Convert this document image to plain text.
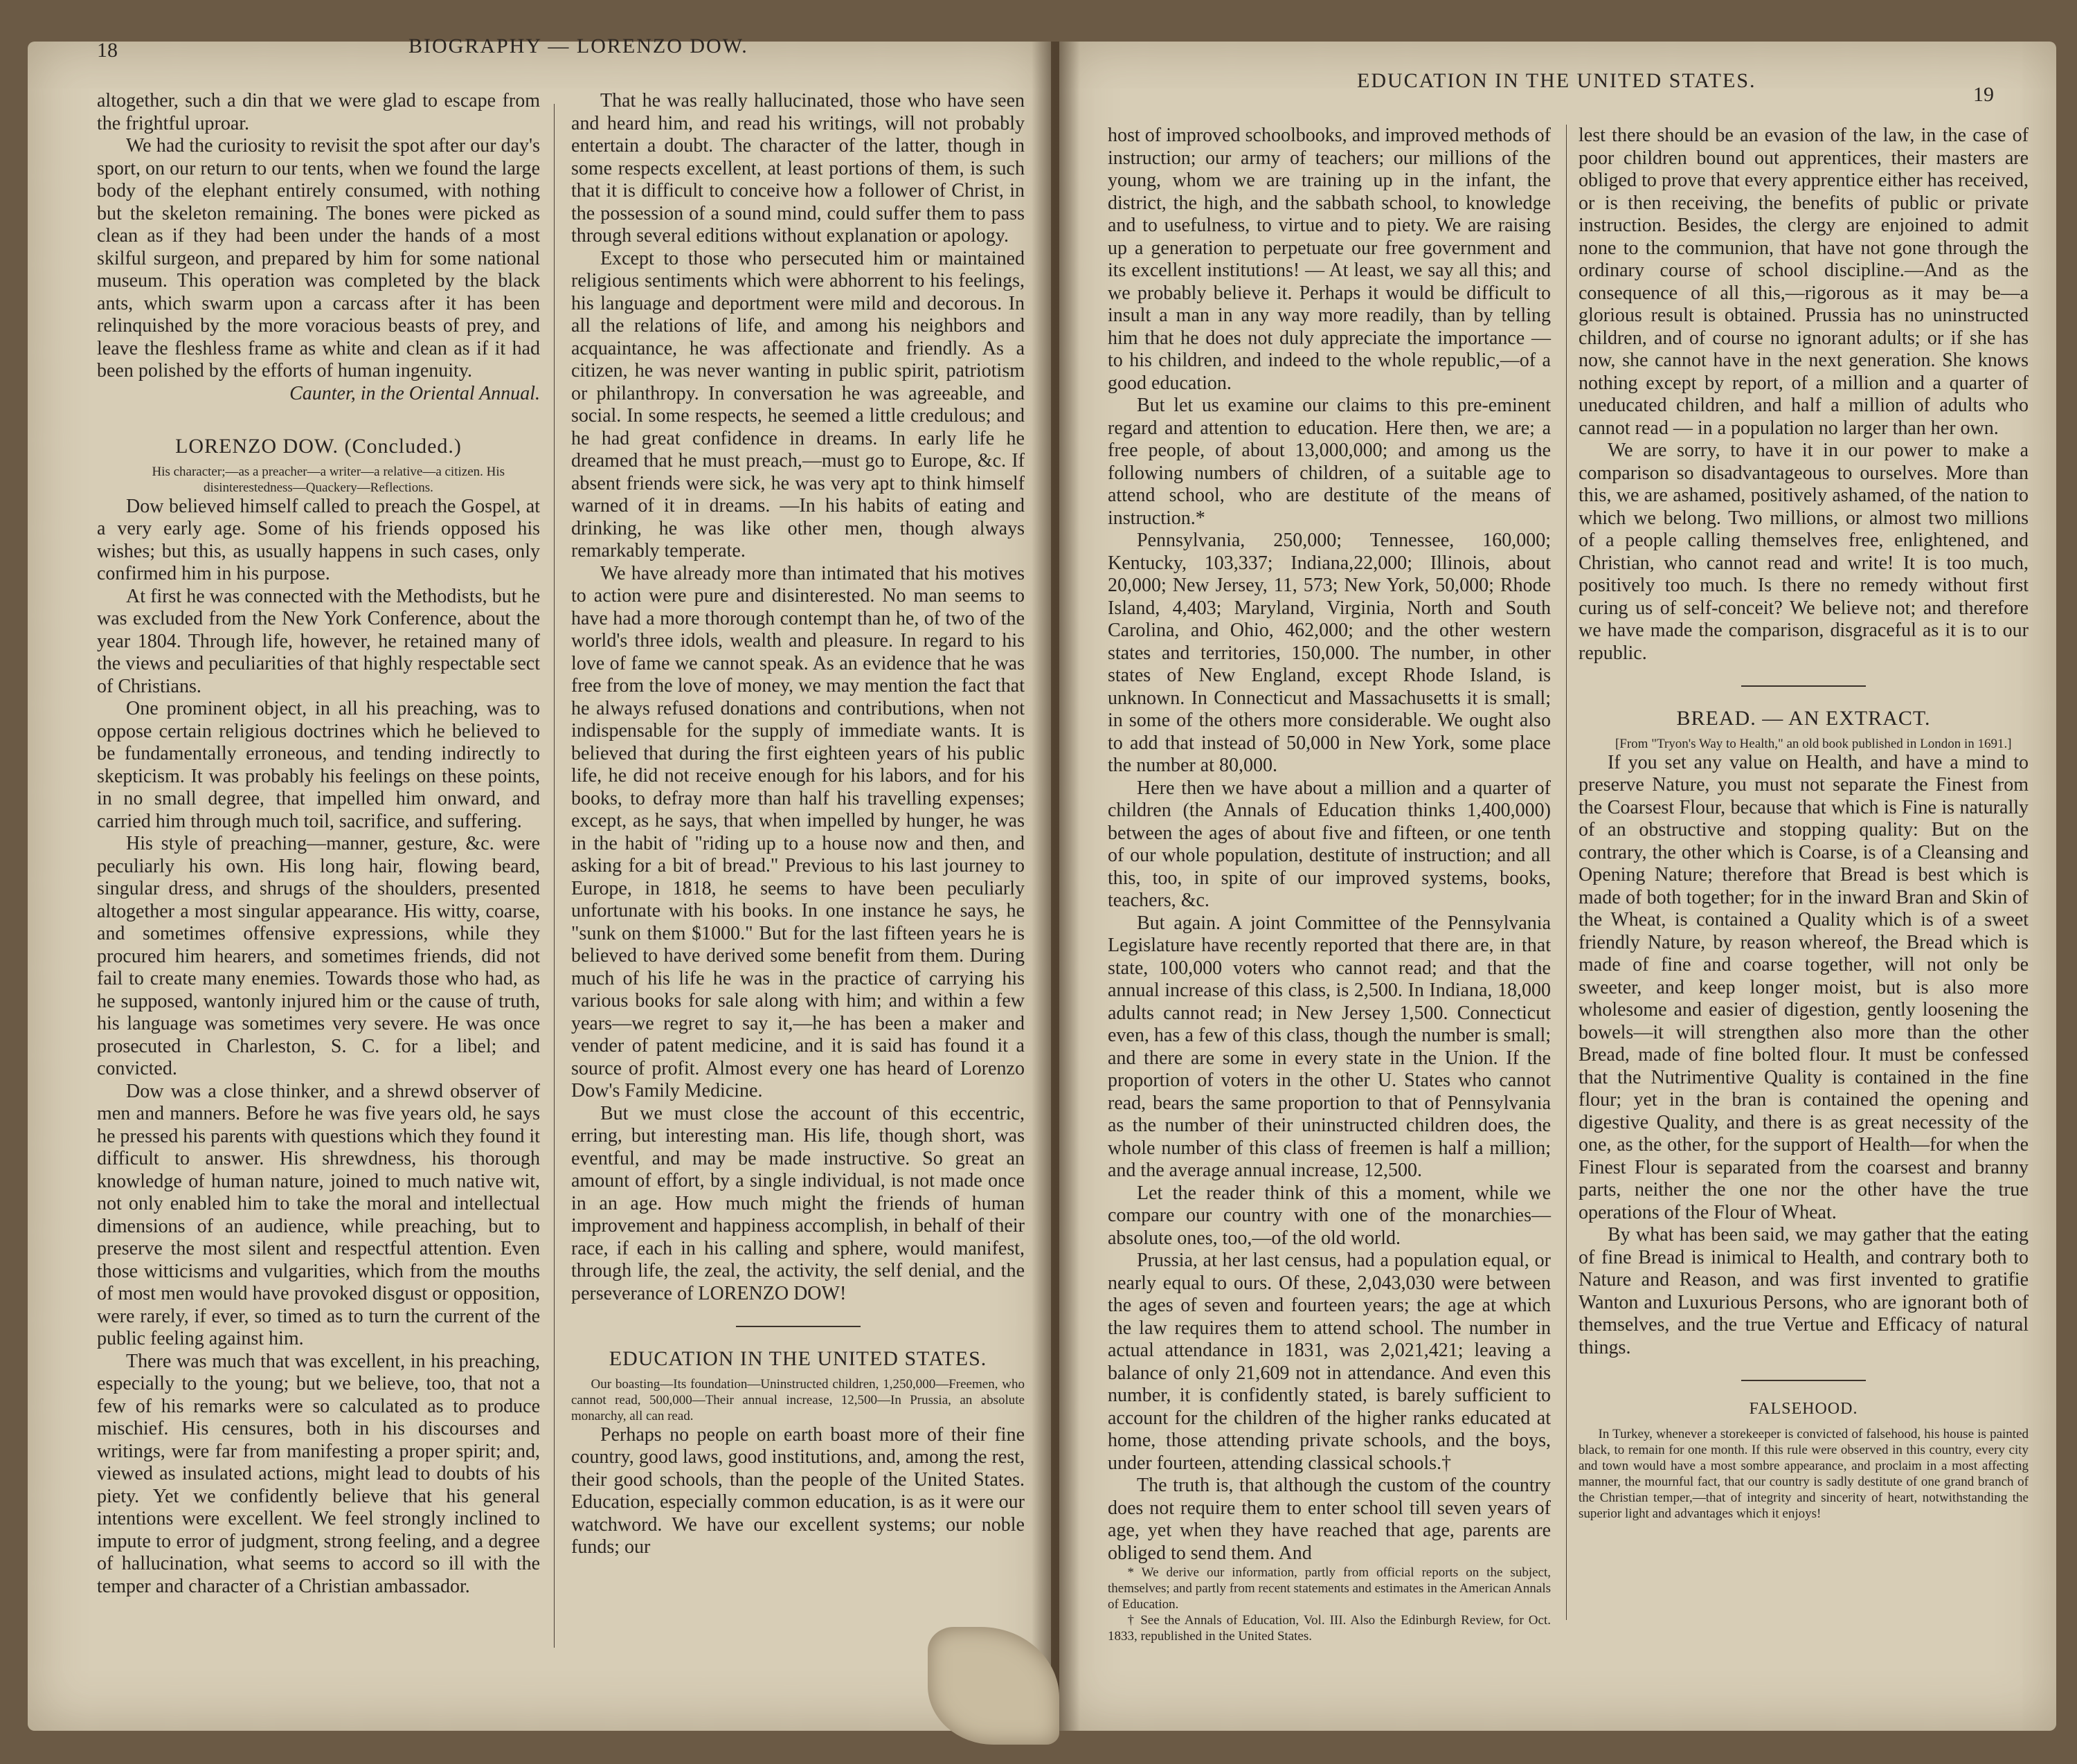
18	BIOGRAPHY — LORENZO DOW.

altogether, such a din that we were glad to escape from the frightful uproar.

We had the curiosity to revisit the spot after our day's sport, on our return to our tents, when we found the large body of the elephant entirely consumed, with nothing but the skeleton remaining. The bones were picked as clean as if they had been under the hands of a most skilful surgeon, and prepared by him for some national museum. This operation was completed by the black ants, which swarm upon a carcass after it has been relinquished by the more voracious beasts of prey, and leave the fleshless frame as white and clean as if it had been polished by the efforts of human ingenuity.

Caunter, in the Oriental Annual.

LORENZO DOW. (Concluded.)

His character;—as a preacher—a writer—a relative—a citizen. His disinterestedness—Quackery—Reflections.

Dow believed himself called to preach the Gospel, at a very early age. Some of his friends opposed his wishes; but this, as usually happens in such cases, only confirmed him in his purpose.

At first he was connected with the Methodists, but he was excluded from the New York Conference, about the year 1804. Through life, however, he retained many of the views and peculiarities of that highly respectable sect of Christians.

One prominent object, in all his preaching, was to oppose certain religious doctrines which he believed to be fundamentally erroneous, and tending indirectly to skepticism. It was probably his feelings on these points, in no small degree, that impelled him onward, and carried him through much toil, sacrifice, and suffering.

His style of preaching—manner, gesture, &c. were peculiarly his own. His long hair, flowing beard, singular dress, and shrugs of the shoulders, presented altogether a most singular appearance. His witty, coarse, and sometimes offensive expressions, while they procured him hearers, and sometimes friends, did not fail to create many enemies. Towards those who had, as he supposed, wantonly injured him or the cause of truth, his language was sometimes very severe. He was once prosecuted in Charleston, S. C. for a libel; and convicted.

Dow was a close thinker, and a shrewd observer of men and manners. Before he was five years old, he says he pressed his parents with questions which they found it difficult to answer. His shrewdness, his thorough knowledge of human nature, joined to much native wit, not only enabled him to take the moral and intellectual dimensions of an audience, while preaching, but to preserve the most silent and respectful attention. Even those witticisms and vulgarities, which from the mouths of most men would have provoked disgust or opposition, were rarely, if ever, so timed as to turn the current of the public feeling against him.

There was much that was excellent, in his preaching, especially to the young; but we believe, too, that not a few of his remarks were so calculated as to produce mischief. His censures, both in his discourses and writings, were far from manifesting a proper spirit; and, viewed as insulated actions, might lead to doubts of his piety. Yet we confidently believe that his general intentions were excellent. We feel strongly inclined to impute to error of judgment, strong feeling, and a degree of hallucination, what seems to accord so ill with the temper and character of a Christian ambassador.

That he was really hallucinated, those who have seen and heard him, and read his writings, will not probably entertain a doubt. The character of the latter, though in some respects excellent, at least portions of them, is such that it is difficult to conceive how a follower of Christ, in the possession of a sound mind, could suffer them to pass through several editions without explanation or apology.

Except to those who persecuted him or maintained religious sentiments which were abhorrent to his feelings, his language and deportment were mild and decorous. In all the relations of life, and among his neighbors and acquaintance, he was affectionate and friendly. As a citizen, he was never wanting in public spirit, patriotism or philanthropy. In conversation he was agreeable, and social. In some respects, he seemed a little credulous; and he had great confidence in dreams. In early life he dreamed that he must preach,—must go to Europe, &c. If absent friends were sick, he was very apt to think himself warned of it in dreams. —In his habits of eating and drinking, he was like other men, though always remarkably temperate.

We have already more than intimated that his motives to action were pure and disinterested. No man seems to have had a more thorough contempt than he, of two of the world's three idols, wealth and pleasure. In regard to his love of fame we cannot speak. As an evidence that he was free from the love of money, we may mention the fact that he always refused donations and contributions, when not indispensable for the supply of immediate wants. It is believed that during the first eighteen years of his public life, he did not receive enough for his labors, and for his books, to defray more than half his travelling expenses; except, as he says, that when impelled by hunger, he was in the habit of "riding up to a house now and then, and asking for a bit of bread." Previous to his last journey to Europe, in 1818, he seems to have been peculiarly unfortunate with his books. In one instance he says, he "sunk on them $1000." But for the last fifteen years he is believed to have derived some benefit from them. During much of his life he was in the practice of carrying his various books for sale along with him; and within a few years—we regret to say it,—he has been a maker and vender of patent medicine, and it is said has found it a source of profit. Almost every one has heard of Lorenzo Dow's Family Medicine.

But we must close the account of this eccentric, erring, but interesting man. His life, though short, was eventful, and may be made instructive. So great an amount of effort, by a single individual, is not made once in an age. How much might the friends of human improvement and happiness accomplish, in behalf of their race, if each in his calling and sphere, would manifest, through life, the zeal, the activity, the self denial, and the perseverance of LORENZO DOW!

EDUCATION IN THE UNITED STATES.

Our boasting—Its foundation—Uninstructed children, 1,250,000—Freemen, who cannot read, 500,000—Their annual increase, 12,500—In Prussia, an absolute monarchy, all can read.

Perhaps no people on earth boast more of their fine country, good laws, good institutions, and, among the rest, their good schools, than the people of the United States. Education, especially common education, is as it were our watchword. We have our excellent systems; our noble funds; our

EDUCATION IN THE UNITED STATES.
19

host of improved schoolbooks, and improved methods of instruction; our army of teachers; our millions of the young, whom we are training up in the infant, the district, the high, and the sabbath school, to knowledge and to usefulness, to virtue and to piety. We are raising up a generation to perpetuate our free government and its excellent institutions! — At least, we say all this; and we probably believe it. Perhaps it would be difficult to insult a man in any way more readily, than by telling him that he does not duly appreciate the importance — to his children, and indeed to the whole republic,—of a good education.

But let us examine our claims to this pre-eminent regard and attention to education. Here then, we are; a free people, of about 13,000,000; and among us the following numbers of children, of a suitable age to attend school, who are destitute of the means of instruction.*

Pennsylvania, 250,000; Tennessee, 160,000; Kentucky, 103,337; Indiana,22,000; Illinois, about 20,000; New Jersey, 11, 573; New York, 50,000; Rhode Island, 4,403; Maryland, Virginia, North and South Carolina, and Ohio, 462,000; and the other western states and territories, 150,000. The number, in other states of New England, except Rhode Island, is unknown. In Connecticut and Massachusetts it is small; in some of the others more considerable. We ought also to add that instead of 50,000 in New York, some place the number at 80,000.

Here then we have about a million and a quarter of children (the Annals of Education thinks 1,400,000) between the ages of about five and fifteen, or one tenth of our whole population, destitute of instruction; and all this, too, in spite of our improved systems, books, teachers, &c.

But again. A joint Committee of the Pennsylvania Legislature have recently reported that there are, in that state, 100,000 voters who cannot read; and that the annual increase of this class, is 2,500. In Indiana, 18,000 adults cannot read; in New Jersey 1,500. Connecticut even, has a few of this class, though the number is small; and there are some in every state in the Union. If the proportion of voters in the other U. States who cannot read, bears the same proportion to that of Pennsylvania as the number of their uninstructed children does, the whole number of this class of freemen is half a million; and the average annual increase, 12,500.

Let the reader think of this a moment, while we compare our country with one of the monarchies—absolute ones, too,—of the old world.

Prussia, at her last census, had a population equal, or nearly equal to ours. Of these, 2,043,030 were between the ages of seven and fourteen years; the age at which the law requires them to attend school. The number in actual attendance in 1831, was 2,021,421; leaving a balance of only 21,609 not in attendance. And even this number, it is confidently stated, is barely sufficient to account for the children of the higher ranks educated at home, those attending private schools, and the boys, under fourteen, attending classical schools.†

The truth is, that although the custom of the country does not require them to enter school till seven years of age, yet when they have reached that age, parents are obliged to send them. And

* We derive our information, partly from official reports on the subject, themselves; and partly from recent statements and estimates in the American Annals of Education.

† See the Annals of Education, Vol. III. Also the Edinburgh Review, for Oct. 1833, republished in the United States.

lest there should be an evasion of the law, in the case of poor children bound out apprentices, their masters are obliged to prove that every apprentice either has received, or is then receiving, the benefits of public or private instruction. Besides, the clergy are enjoined to admit none to the communion, that have not gone through the ordinary course of school discipline.—And as the consequence of all this,—rigorous as it may be—a glorious result is obtained. Prussia has no uninstructed children, and of course no ignorant adults; or if she has now, she cannot have in the next generation. She knows nothing except by report, of a million and a quarter of uneducated children, and half a million of adults who cannot read — in a population no larger than her own.

We are sorry, to have it in our power to make a comparison so disadvantageous to ourselves. More than this, we are ashamed, positively ashamed, of the nation to which we belong. Two millions, or almost two millions of a people calling themselves free, enlightened, and Christian, who cannot read and write! It is too much, positively too much. Is there no remedy without first curing us of self-conceit? We believe not; and therefore we have made the comparison, disgraceful as it is to our republic.

BREAD. — AN EXTRACT.

[From "Tryon's Way to Health," an old book published in London in 1691.]

If you set any value on Health, and have a mind to preserve Nature, you must not separate the Finest from the Coarsest Flour, because that which is Fine is naturally of an obstructive and stopping quality: But on the contrary, the other which is Coarse, is of a Cleansing and Opening Nature; therefore that Bread is best which is made of both together; for in the inward Bran and Skin of the Wheat, is contained a Quality which is of a sweet friendly Nature, by reason whereof, the Bread which is made of fine and coarse together, will not only be sweeter, and keep longer moist, but is also more wholesome and easier of digestion, gently loosening the bowels—it will strengthen also more than the other Bread, made of fine bolted flour. It must be confessed that the Nutrimentive Quality is contained in the fine flour; yet in the bran is contained the opening and digestive Quality, and there is as great necessity of the one, as the other, for the support of Health—for when the Finest Flour is separated from the coarsest and branny parts, neither the one nor the other have the true operations of the Flour of Wheat.

By what has been said, we may gather that the eating of fine Bread is inimical to Health, and contrary both to Nature and Reason, and was first invented to gratifie Wanton and Luxurious Persons, who are ignorant both of themselves, and the true Vertue and Efficacy of natural things.

FALSEHOOD.

In Turkey, whenever a storekeeper is convicted of falsehood, his house is painted black, to remain for one month. If this rule were observed in this country, every city and town would have a most sombre appearance, and proclaim in a most affecting manner, the mournful fact, that our country is sadly destitute of one grand branch of the Christian temper,—that of integrity and sincerity of heart, notwithstanding the superior light and advantages which it enjoys!
